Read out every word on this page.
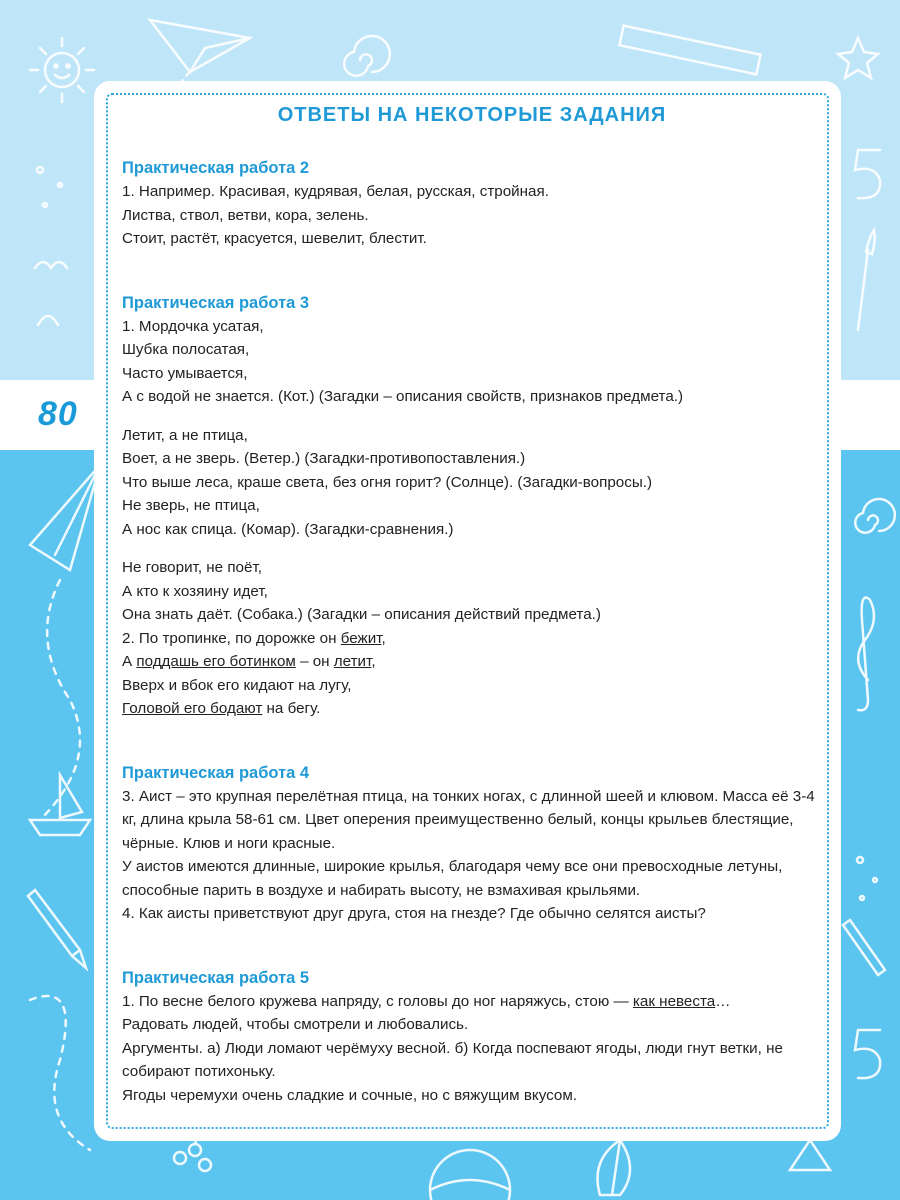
80
ОТВЕТЫ НА НЕКОТОРЫЕ ЗАДАНИЯ
Практическая работа 2

1. Например. Красивая, кудрявая, белая, русская, стройная.

Листва, ствол, ветви, кора, зелень.

Стоит, растёт, красуется, шевелит, блестит.

Практическая работа 3

1. Мордочка усатая,

Шубка полосатая,

Часто умывается,

А с водой не знается. (Кот.) (Загадки – описания свойств, признаков предмета.)

Летит, а не птица,

Воет, а не зверь. (Ветер.) (Загадки-противопоставления.)

Что выше леса, краше света, без огня горит? (Солнце). (Загадки-вопросы.)

Не зверь, не птица,

А нос как спица. (Комар). (Загадки-сравнения.)

Не говорит, не поёт,

А кто к хозяину идет,

Она знать даёт. (Собака.) (Загадки – описания действий предмета.)

2. По тропинке, по дорожке он бежит,

А поддашь его ботинком – он летит,

Вверх и вбок его кидают на лугу,

Головой его бодают на бегу.

Практическая работа 4

3. Аист – это крупная перелётная птица, на тонких ногах, с длинной шеей и клювом. Масса её 3-4 кг, длина крыла 58-61 см. Цвет оперения преимущественно белый, концы крыльев блестящие, чёрные. Клюв и ноги красные.

У аистов имеются длинные, широкие крылья, благодаря чему все они превосходные летуны, способные парить в воздухе и набирать высоту, не взмахивая крыльями.

4. Как аисты приветствуют друг друга, стоя на гнезде? Где обычно селятся аисты?

Практическая работа 5

1. По весне белого кружева напряду, с головы до ног наряжусь, стою — как невеста…

Радовать людей, чтобы смотрели и любовались.

Аргументы. а) Люди ломают черёмуху весной. б) Когда поспевают ягоды, люди гнут ветки, не собирают потихоньку.

Ягоды черемухи очень сладкие и сочные, но с вяжущим вкусом.
